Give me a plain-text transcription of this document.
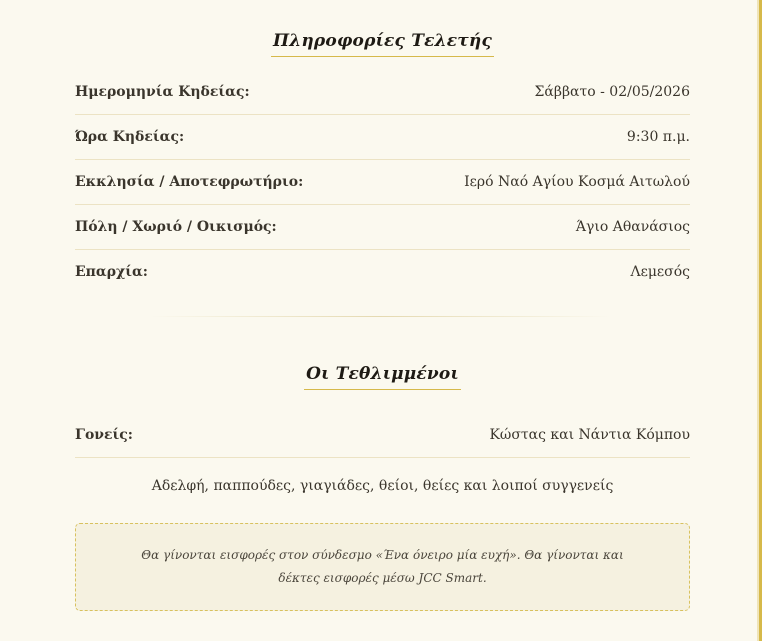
Πληροφορίες Τελετής
Ημερομηνία Κηδείας:	Σάββατο - 02/05/2026
Ώρα Κηδείας:	9:30 π.μ.
Εκκλησία / Αποτεφρωτήριο:	Ιερό Ναό Αγίου Κοσμά Αιτωλού
Πόλη / Χωριό / Οικισμός:	Άγιο Αθανάσιος
Επαρχία:	Λεμεσός
Οι Τεθλιμμένοι
Γονείς:	Κώστας και Νάντια Κόμπου
Αδελφή, παππούδες, γιαγιάδες, θείοι, θείες και λοιποί συγγενείς

Θα γίνονται εισφορές στον σύνδεσμο «Ένα όνειρο μία ευχή». Θα γίνονται και δέκτες εισφορές μέσω JCC Smart.
